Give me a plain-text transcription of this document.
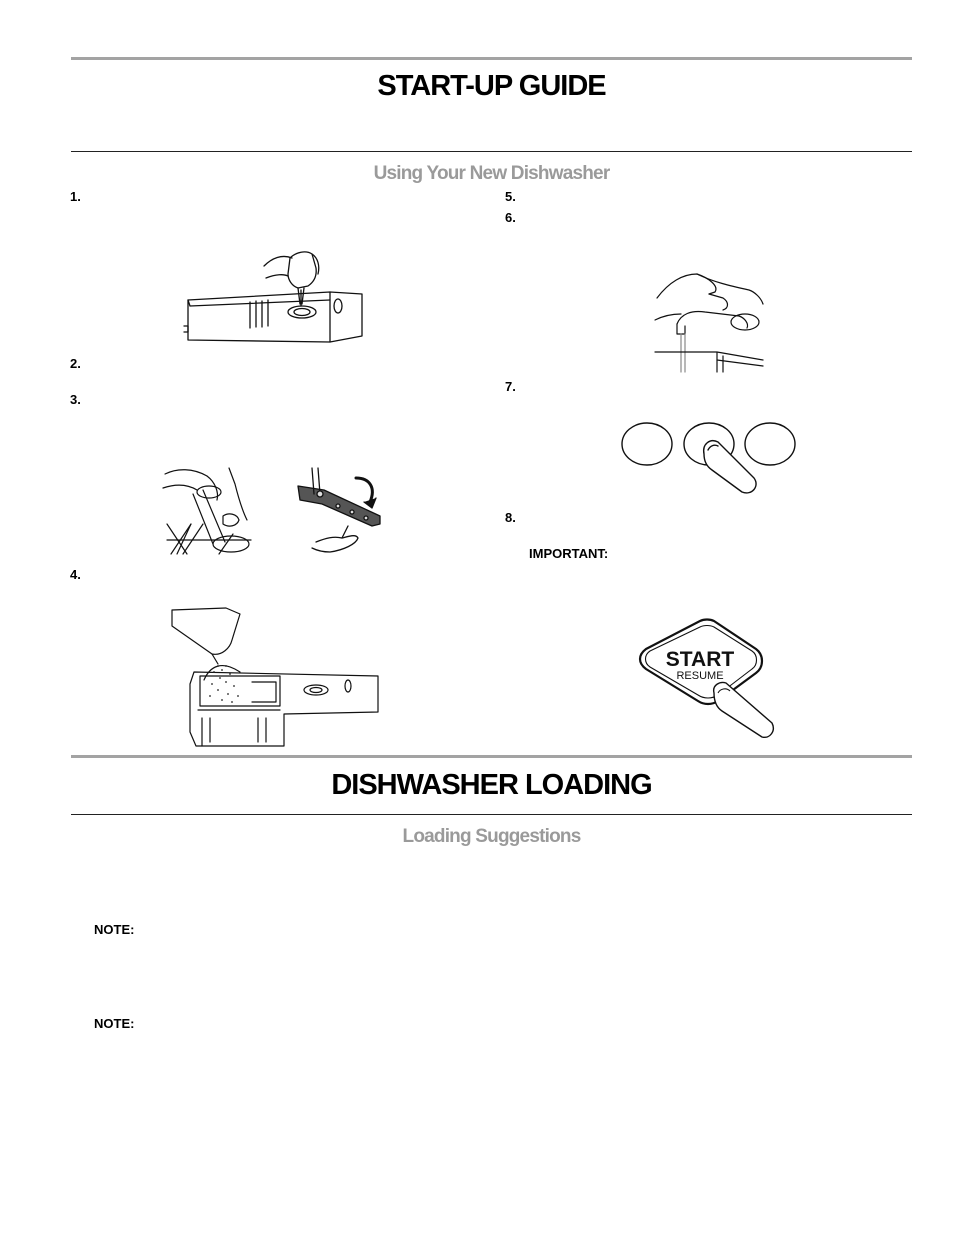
START-UP GUIDE
Using Your New Dishwasher
1.
2.
3.
4.
5.
6.
7.
8.
IMPORTANT:
START
RESUME
DISHWASHER LOADING
Loading Suggestions
NOTE:
NOTE:
